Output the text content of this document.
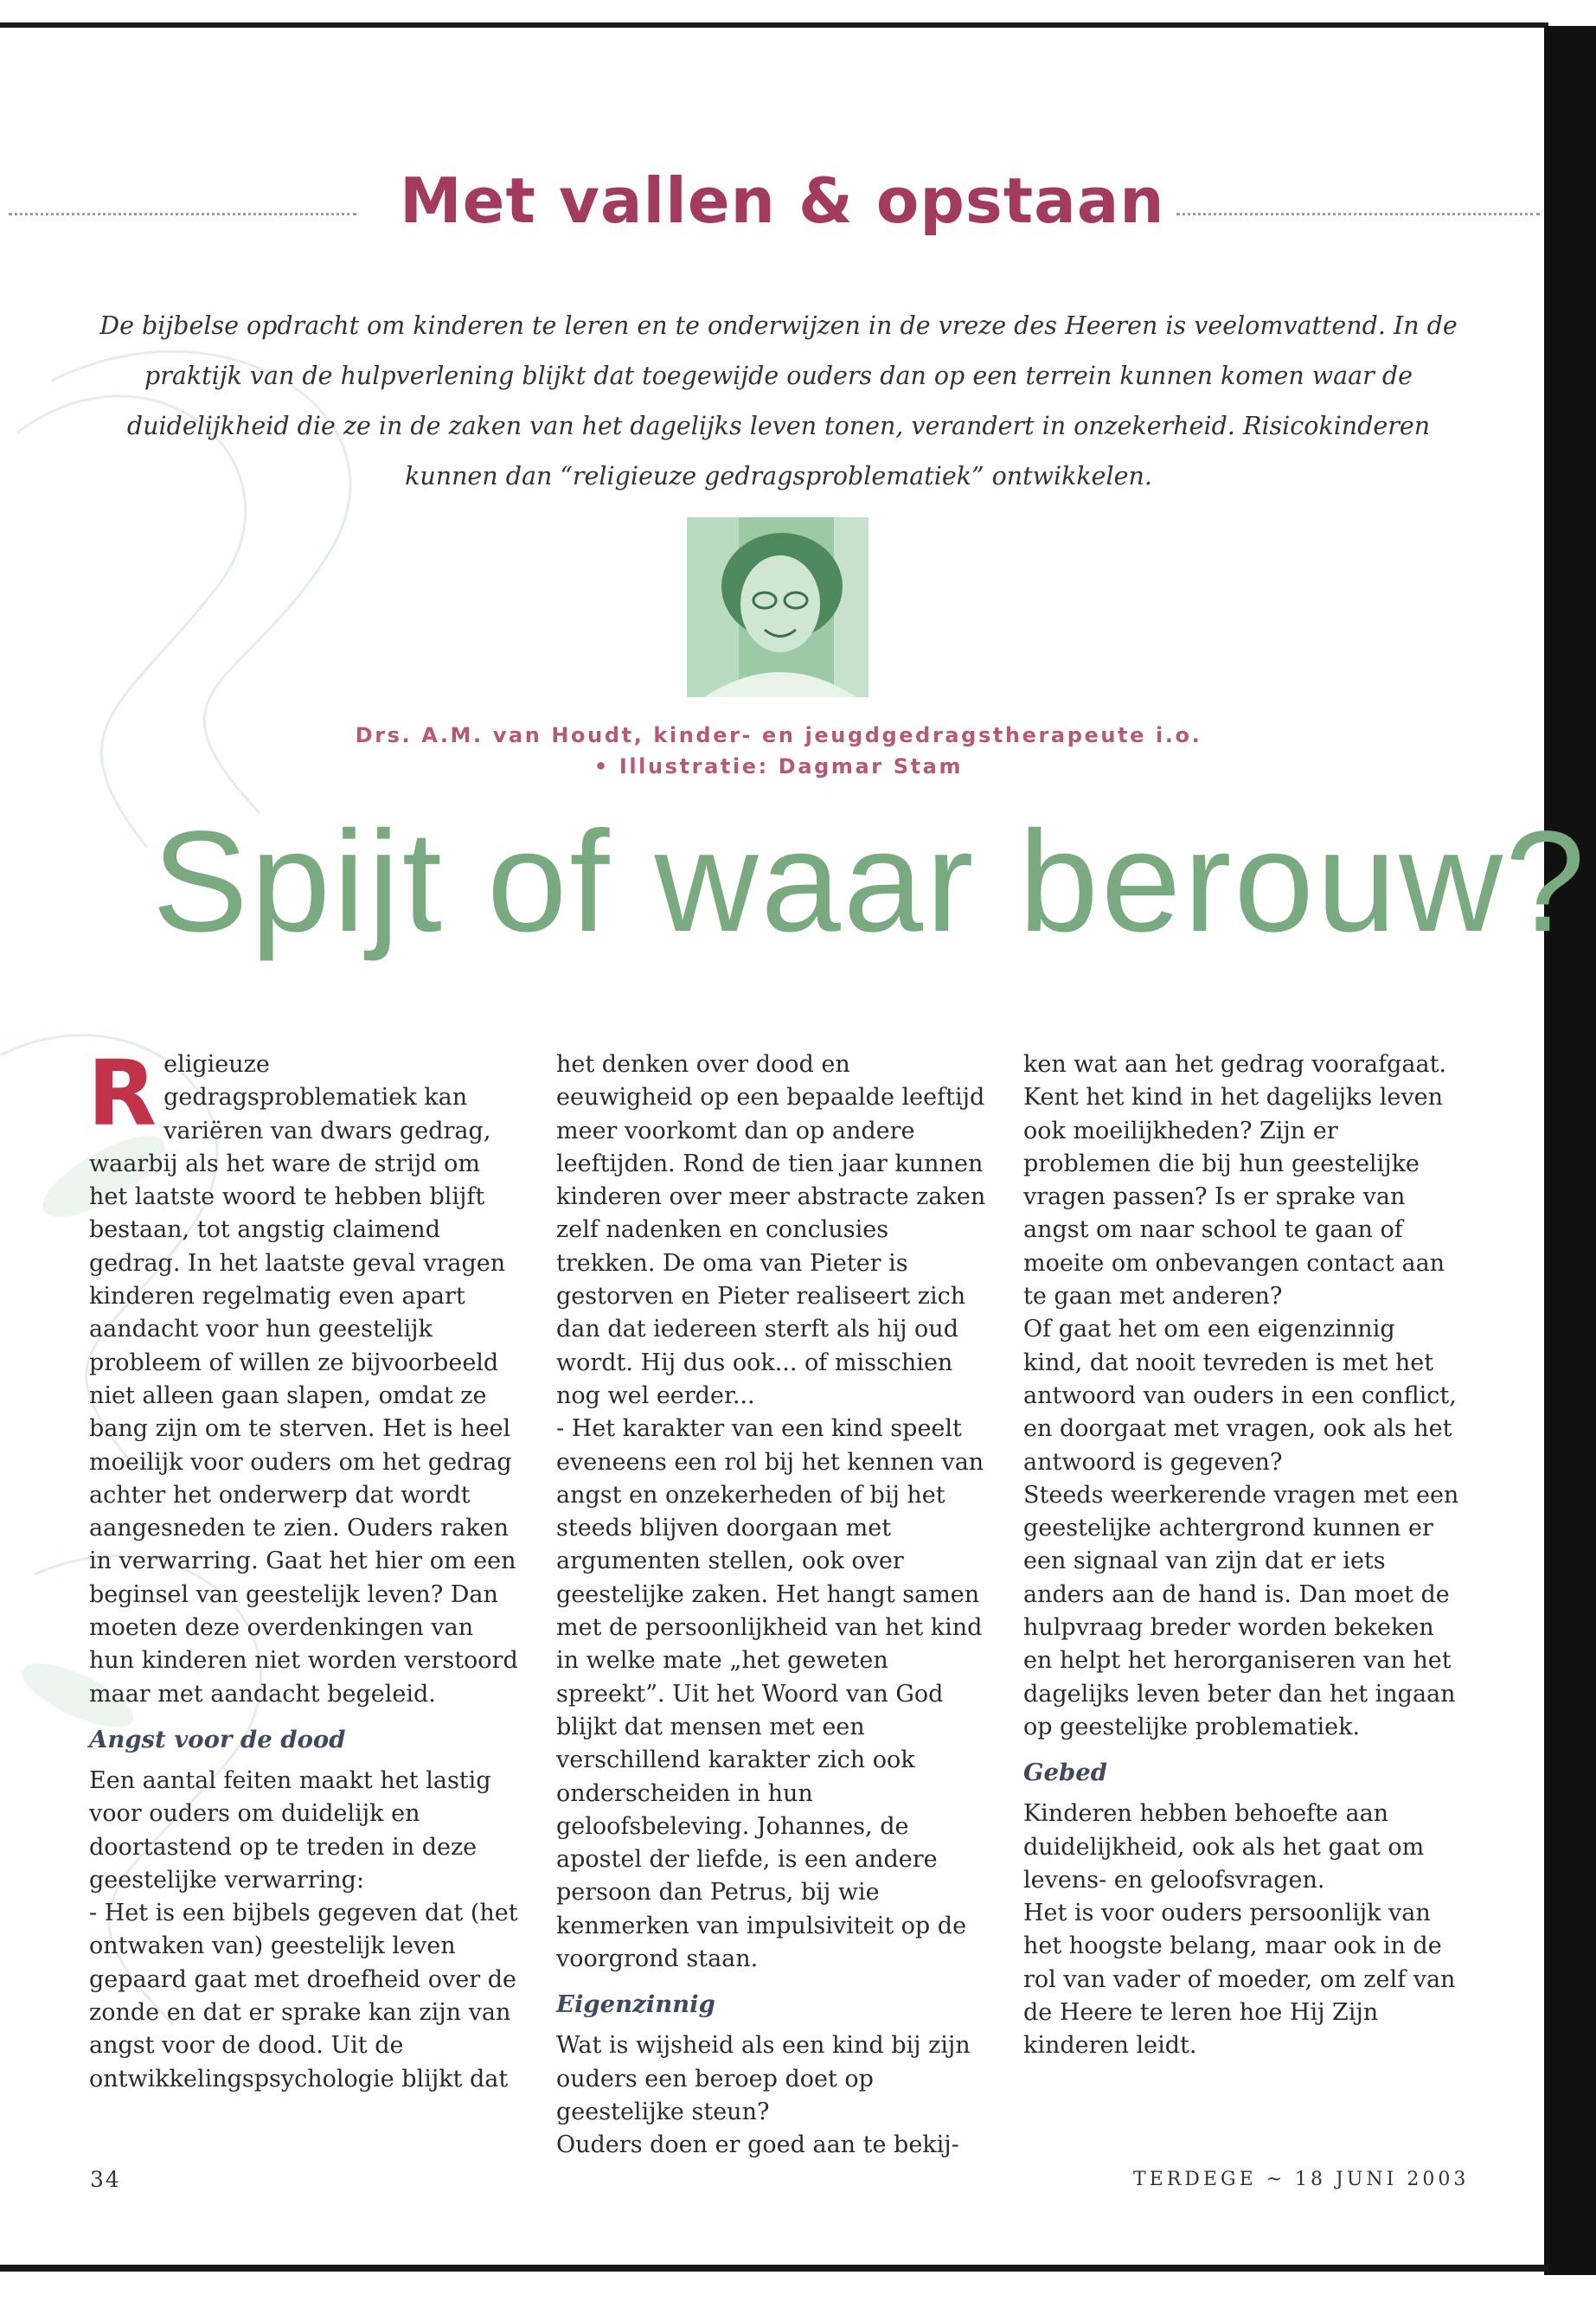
Met vallen & opstaan
De bijbelse opdracht om kinderen te leren en te onderwijzen in de vreze des Heeren is veelomvattend. In de praktijk van de hulpverlening blijkt dat toegewijde ouders dan op een terrein kunnen komen waar de duidelijkheid die ze in de zaken van het dagelijks leven tonen, verandert in onzekerheid. Risicokinderen kunnen dan “religieuze gedragsproblematiek” ontwikkelen.
Drs. A.M. van Houdt, kinder- en jeugdgedragstherapeute i.o.
• Illustratie: Dagmar Stam
Spijt of waar berouw?

Religieuze gedragsproblematiek kan variëren van dwars gedrag, waarbij als het ware de strijd om het laatste woord te hebben blijft bestaan, tot angstig claimend gedrag. In het laatste geval vragen kinderen regelmatig even apart aandacht voor hun geestelijk probleem of willen ze bijvoorbeeld niet alleen gaan slapen, omdat ze bang zijn om te sterven. Het is heel moeilijk voor ouders om het gedrag achter het onderwerp dat wordt aangesneden te zien. Ouders raken in verwarring. Gaat het hier om een beginsel van geestelijk leven? Dan moeten deze overdenkingen van hun kinderen niet worden verstoord maar met aandacht begeleid.

Angst voor de dood

Een aantal feiten maakt het lastig voor ouders om duidelijk en doortastend op te treden in deze geestelijke verwarring:

- Het is een bijbels gegeven dat (het ontwaken van) geestelijk leven gepaard gaat met droefheid over de zonde en dat er sprake kan zijn van angst voor de dood. Uit de ontwikkelingspsychologie blijkt dat

het denken over dood en eeuwigheid op een bepaalde leeftijd meer voorkomt dan op andere leeftijden. Rond de tien jaar kunnen kinderen over meer abstracte zaken zelf nadenken en conclusies trekken. De oma van Pieter is gestorven en Pieter realiseert zich dan dat iedereen sterft als hij oud wordt. Hij dus ook... of misschien nog wel eerder...

- Het karakter van een kind speelt eveneens een rol bij het kennen van angst en onzekerheden of bij het steeds blijven doorgaan met argumenten stellen, ook over geestelijke zaken. Het hangt samen met de persoonlijkheid van het kind in welke mate „het geweten spreekt”. Uit het Woord van God blijkt dat mensen met een verschillend karakter zich ook onderscheiden in hun geloofsbeleving. Johannes, de apostel der liefde, is een andere persoon dan Petrus, bij wie kenmerken van impulsiviteit op de voorgrond staan.

Eigenzinnig

Wat is wijsheid als een kind bij zijn ouders een beroep doet op geestelijke steun?

Ouders doen er goed aan te bekij-

ken wat aan het gedrag voorafgaat. Kent het kind in het dagelijks leven ook moeilijkheden? Zijn er problemen die bij hun geestelijke vragen passen? Is er sprake van angst om naar school te gaan of moeite om onbevangen contact aan te gaan met anderen?

Of gaat het om een eigenzinnig kind, dat nooit tevreden is met het antwoord van ouders in een conflict, en doorgaat met vragen, ook als het antwoord is gegeven?

Steeds weerkerende vragen met een geestelijke achtergrond kunnen er een signaal van zijn dat er iets anders aan de hand is. Dan moet de hulpvraag breder worden bekeken en helpt het herorganiseren van het dagelijks leven beter dan het ingaan op geestelijke problematiek.

Gebed

Kinderen hebben behoefte aan duidelijkheid, ook als het gaat om levens- en geloofsvragen.

Het is voor ouders persoonlijk van het hoogste belang, maar ook in de rol van vader of moeder, om zelf van de Heere te leren hoe Hij Zijn kinderen leidt.

34	TERDEGE ~ 18 JUNI 2003
